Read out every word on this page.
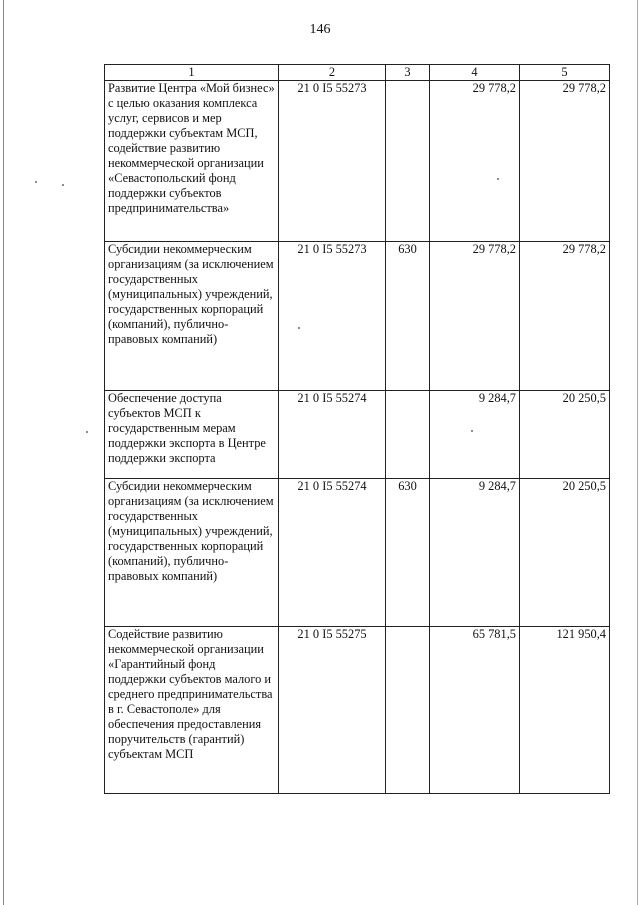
146
1	2	3	4	5
Развитие Центра «Мой бизнес» с целью оказания комплекса услуг, сервисов и мер поддержки субъектам МСП, содействие развитию некоммерческой организации «Севастопольский фонд поддержки субъектов предпринимательства»	21 0 I5 55273		29 778,2	29 778,2
Субсидии некоммерческим организациям (за исключением государственных (муниципальных) учреждений, государственных корпораций (компаний), публично-правовых компаний)	21 0 I5 55273	630	29 778,2	29 778,2
Обеспечение доступа субъектов МСП к государственным мерам поддержки экспорта в Центре поддержки экспорта	21 0 I5 55274		9 284,7	20 250,5
Субсидии некоммерческим организациям (за исключением государственных (муниципальных) учреждений, государственных корпораций (компаний), публично-правовых компаний)	21 0 I5 55274	630	9 284,7	20 250,5
Содействие развитию некоммерческой организации «Гарантийный фонд поддержки субъектов малого и среднего предпринимательства в г. Севастополе» для обеспечения предоставления поручительств (гарантий) субъектам МСП	21 0 I5 55275		65 781,5	121 950,4
